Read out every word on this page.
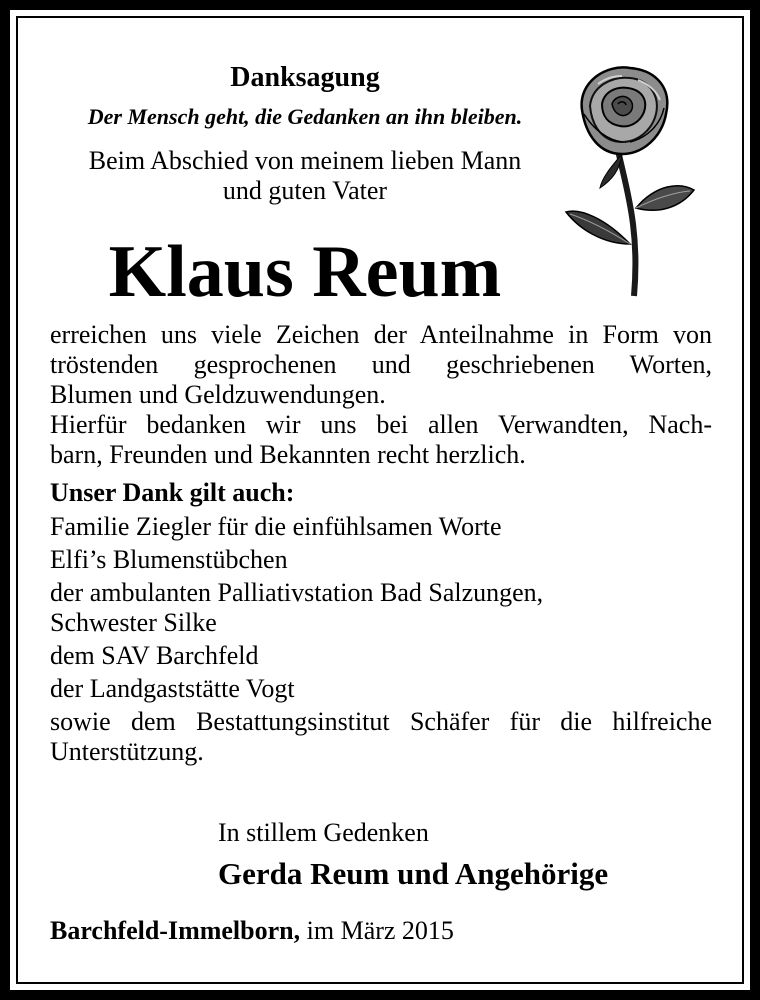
Danksagung
Der Mensch geht, die Gedanken an ihn bleiben.
Beim Abschied von meinem lieben Mann
und guten Vater
Klaus Reum
erreichen uns viele Zeichen der Anteilnahme in Form von
tröstenden gesprochenen und geschriebenen Worten,
Blumen und Geldzuwendungen.
Hierfür bedanken wir uns bei allen Verwandten, Nach-
barn, Freunden und Bekannten recht herzlich.
Unser Dank gilt auch:
Familie Ziegler für die einfühlsamen Worte
Elfi’s Blumenstübchen
der ambulanten Palliativstation Bad Salzungen,
Schwester Silke
dem SAV Barchfeld
der Landgaststätte Vogt
sowie dem Bestattungsinstitut Schäfer für die hilfreiche
Unterstützung.
In stillem Gedenken
Gerda Reum und Angehörige
Barchfeld-Immelborn, im März 2015
